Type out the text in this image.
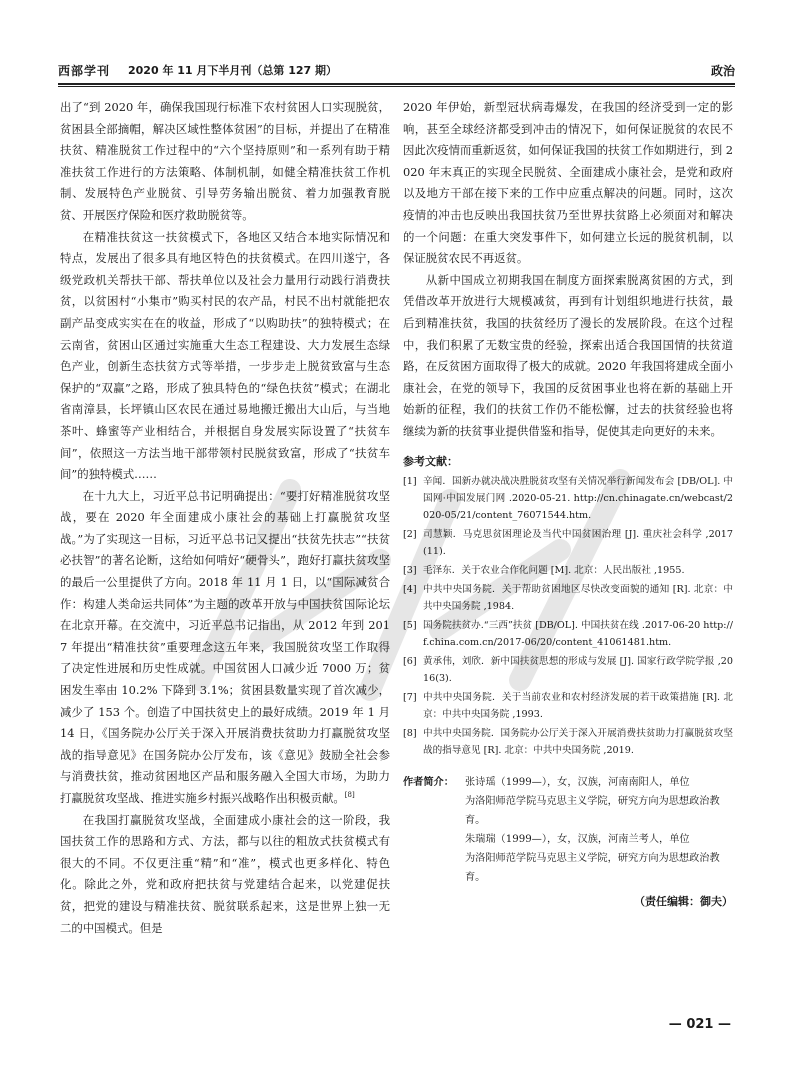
西部学刊 2020 年 11 月下半月刊（总第 127 期）	政治

出了“到 2020 年，确保我国现行标准下农村贫困人口实现脱贫，贫困县全部摘帽，解决区域性整体贫困”的目标，并提出了在精准扶贫、精准脱贫工作过程中的“六个坚持原则”和一系列有助于精准扶贫工作进行的方法策略、体制机制，如健全精准扶贫工作机制、发展特色产业脱贫、引导劳务输出脱贫、着力加强教育脱贫、开展医疗保险和医疗救助脱贫等。

在精准扶贫这一扶贫模式下，各地区又结合本地实际情况和特点，发展出了很多具有地区特色的扶贫模式。在四川遂宁，各级党政机关帮扶干部、帮扶单位以及社会力量用行动践行消费扶贫，以贫困村“小集市”购买村民的农产品，村民不出村就能把农副产品变成实实在在的收益，形成了“以购助扶”的独特模式；在云南省，贫困山区通过实施重大生态工程建设、大力发展生态绿色产业，创新生态扶贫方式等举措，一步步走上脱贫致富与生态保护的“双赢”之路，形成了独具特色的“绿色扶贫”模式；在湖北省南漳县，长坪镇山区农民在通过易地搬迁搬出大山后，与当地茶叶、蜂蜜等产业相结合，并根据自身发展实际设置了“扶贫车间”，依照这一方法当地干部带领村民脱贫致富，形成了“扶贫车间”的独特模式……

在十九大上，习近平总书记明确提出：“要打好精准脱贫攻坚战，要在 2020 年全面建成小康社会的基础上打赢脱贫攻坚战。”为了实现这一目标，习近平总书记又提出“扶贫先扶志”“扶贫必扶智”的著名论断，这给如何啃好“硬骨头”，跑好打赢扶贫攻坚的最后一公里提供了方向。2018 年 11 月 1 日，以“国际减贫合作：构建人类命运共同体”为主题的改革开放与中国扶贫国际论坛在北京开幕。在交流中，习近平总书记指出，从 2012 年到 2017 年提出“精准扶贫”重要理念这五年来，我国脱贫攻坚工作取得了决定性进展和历史性成就。中国贫困人口减少近 7000 万；贫困发生率由 10.2% 下降到 3.1%；贫困县数量实现了首次减少，减少了 153 个。创造了中国扶贫史上的最好成绩。2019 年 1 月 14 日，《国务院办公厅关于深入开展消费扶贫助力打赢脱贫攻坚战的指导意见》在国务院办公厅发布，该《意见》鼓励全社会参与消费扶贫，推动贫困地区产品和服务融入全国大市场，为助力打赢脱贫攻坚战、推进实施乡村振兴战略作出积极贡献。[8]

在我国打赢脱贫攻坚战，全面建成小康社会的这一阶段，我国扶贫工作的思路和方式、方法，都与以往的粗放式扶贫模式有很大的不同。不仅更注重“精”和“准”，模式也更多样化、特色化。除此之外，党和政府把扶贫与党建结合起来，以党建促扶贫，把党的建设与精准扶贫、脱贫联系起来，这是世界上独一无二的中国模式。但是

2020 年伊始，新型冠状病毒爆发，在我国的经济受到一定的影响，甚至全球经济都受到冲击的情况下，如何保证脱贫的农民不因此次疫情而重新返贫，如何保证我国的扶贫工作如期进行，到 2020 年末真正的实现全民脱贫、全面建成小康社会，是党和政府以及地方干部在接下来的工作中应重点解决的问题。同时，这次疫情的冲击也反映出我国扶贫乃至世界扶贫路上必须面对和解决的一个问题：在重大突发事件下，如何建立长远的脱贫机制，以保证脱贫农民不再返贫。

从新中国成立初期我国在制度方面探索脱离贫困的方式，到凭借改革开放进行大规模减贫，再到有计划组织地进行扶贫，最后到精准扶贫，我国的扶贫经历了漫长的发展阶段。在这个过程中，我们积累了无数宝贵的经验，探索出适合我国国情的扶贫道路，在反贫困方面取得了极大的成就。2020 年我国将建成全面小康社会，在党的领导下，我国的反贫困事业也将在新的基础上开始新的征程，我们的扶贫工作仍不能松懈，过去的扶贫经验也将继续为新的扶贫事业提供借鉴和指导，促使其走向更好的未来。

参考文献：
[1] 辛闻．国新办就决战决胜脱贫攻坚有关情况举行新闻发布会 [DB/OL]. 中国网·中国发展门网 .2020-05-21. http://cn.chinagate.cn/webcast/2020-05/21/content_76071544.htm.
[2] 司慧颖．马克思贫困理论及当代中国贫困治理 [J]. 重庆社会科学 ,2017(11).
[3] 毛泽东．关于农业合作化问题 [M]. 北京：人民出版社 ,1955.
[4] 中共中央国务院．关于帮助贫困地区尽快改变面貌的通知 [R]. 北京：中共中央国务院 ,1984.
[5] 国务院扶贫办.“三西”扶贫 [DB/OL]. 中国扶贫在线 .2017-06-20 http://f.china.com.cn/2017-06/20/content_41061481.htm.
[6] 黄承伟，刘欣．新中国扶贫思想的形成与发展 [J]. 国家行政学院学报 ,2016(3).
[7] 中共中央国务院．关于当前农业和农村经济发展的若干政策措施 [R]. 北京：中共中央国务院 ,1993.
[8] 中共中央国务院．国务院办公厅关于深入开展消费扶贫助力打赢脱贫攻坚战的指导意见 [R]. 北京：中共中央国务院 ,2019.
作者简介：	张诗瑶（1999—），女，汉族，河南南阳人，单位
为洛阳师范学院马克思主义学院，研究方向为思想政治教育。
朱瑞瑞（1999—），女，汉族，河南兰考人，单位
为洛阳师范学院马克思主义学院，研究方向为思想政治教育。
（责任编辑：御夫）
— 021 —
